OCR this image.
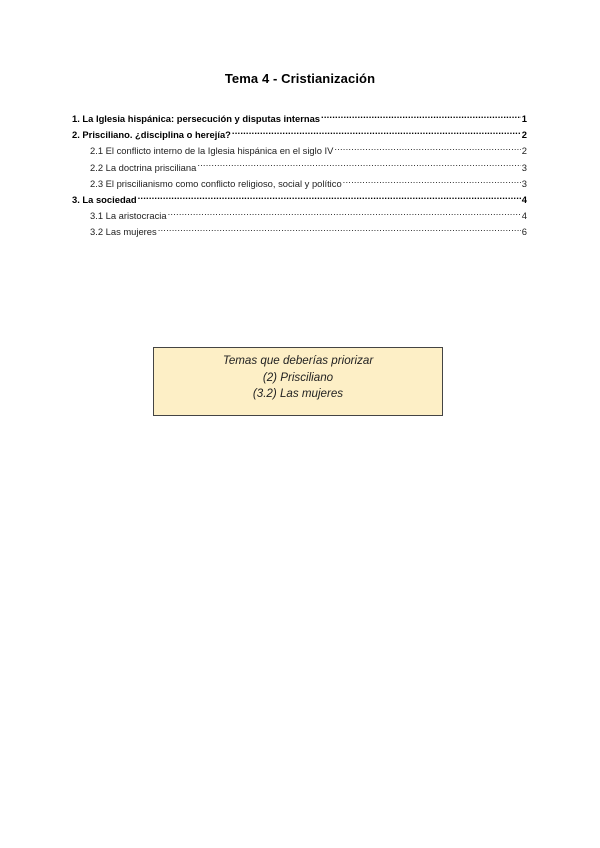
Tema 4 - Cristianización
1. La Iglesia hispánica: persecución y disputas internas .....	1
2. Prisciliano. ¿disciplina o herejía? .....	2
2.1 El conflicto interno de la Iglesia hispánica en el siglo IV .....	2
2.2 La doctrina prisciliana .....	3
2.3 El priscilianismo como conflicto religioso, social y político .....	3
3. La sociedad .....	4
3.1 La aristocracia .....	4
3.2 Las mujeres .....	6
Temas que deberías priorizar
(2) Prisciliano
(3.2) Las mujeres
